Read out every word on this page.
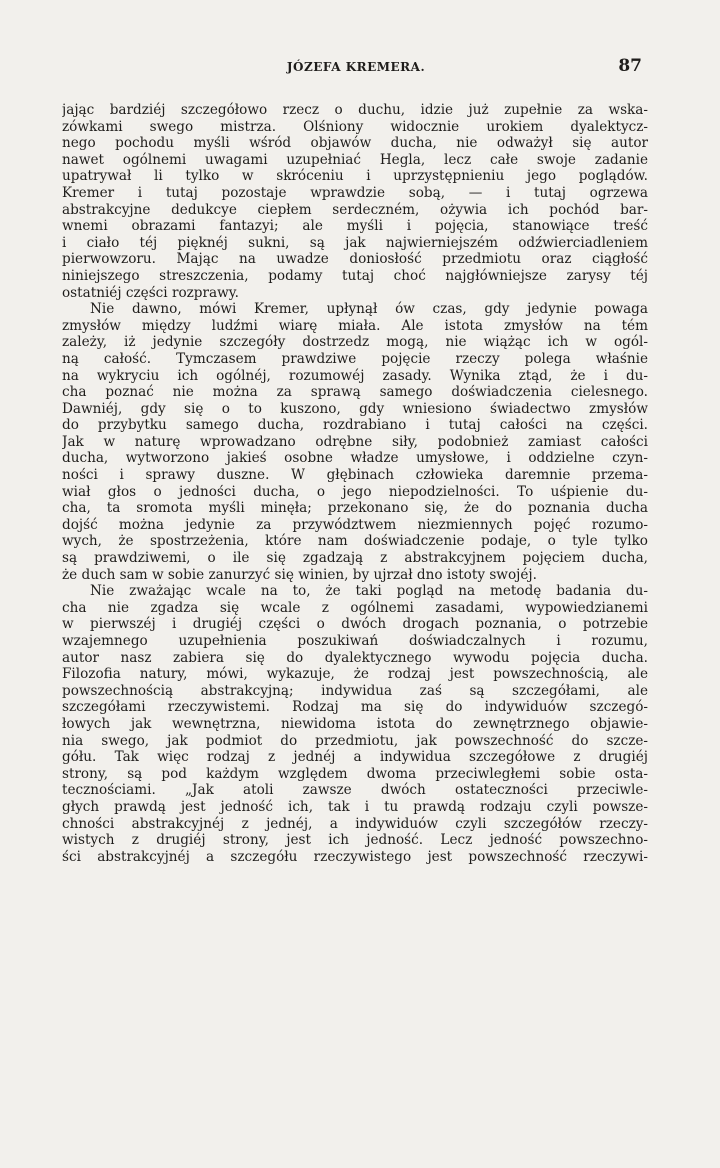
JÓZEFA KREMERA.	87
jając bardziéj szczegółowo rzecz o duchu, idzie już zupełnie za wska-
zówkami swego mistrza. Olśniony widocznie urokiem dyalektycz-
nego pochodu myśli wśród objawów ducha, nie odważył się autor
nawet ogólnemi uwagami uzupełniać Hegla, lecz całe swoje zadanie
upatrywał li tylko w skróceniu i uprzystępnieniu jego poglądów.
Kremer i tutaj pozostaje wprawdzie sobą, — i tutaj ogrzewa
abstrakcyjne dedukcye ciepłem serdeczném, ożywia ich pochód bar-
wnemi obrazami fantazyi; ale myśli i pojęcia, stanowiące treść
i ciało téj pięknéj sukni, są jak najwierniejszém odźwierciadleniem
pierwowzoru. Mając na uwadze doniosłość przedmiotu oraz ciągłość
niniejszego streszczenia, podamy tutaj choć najgłówniejsze zarysy téj
ostatniéj części rozprawy.
Nie dawno, mówi Kremer, upłynął ów czas, gdy jedynie powaga
zmysłów między ludźmi wiarę miała. Ale istota zmysłów na tém
zależy, iż jedynie szczegóły dostrzedz mogą, nie wiążąc ich w ogól-
ną całość. Tymczasem prawdziwe pojęcie rzeczy polega właśnie
na wykryciu ich ogólnéj, rozumowéj zasady. Wynika ztąd, że i du-
cha poznać nie można za sprawą samego doświadczenia cielesnego.
Dawniéj, gdy się o to kuszono, gdy wniesiono świadectwo zmysłów
do przybytku samego ducha, rozdrabiano i tutaj całości na części.
Jak w naturę wprowadzano odrębne siły, podobnież zamiast całości
ducha, wytworzono jakieś osobne władze umysłowe, i oddzielne czyn-
ności i sprawy duszne. W głębinach człowieka daremnie przema-
wiał głos o jedności ducha, o jego niepodzielności. To uśpienie du-
cha, ta sromota myśli minęła; przekonano się, że do poznania ducha
dojść można jedynie za przywództwem niezmiennych pojęć rozumo-
wych, że spostrzeżenia, które nam doświadczenie podaje, o tyle tylko
są prawdziwemi, o ile się zgadzają z abstrakcyjnem pojęciem ducha,
że duch sam w sobie zanurzyć się winien, by ujrzał dno istoty swojéj.
Nie zważając wcale na to, że taki pogląd na metodę badania du-
cha nie zgadza się wcale z ogólnemi zasadami, wypowiedzianemi
w pierwszéj i drugiéj części o dwóch drogach poznania, o potrzebie
wzajemnego uzupełnienia poszukiwań doświadczalnych i rozumu,
autor nasz zabiera się do dyalektycznego wywodu pojęcia ducha.
Filozofia natury, mówi, wykazuje, że rodzaj jest powszechnością, ale
powszechnością abstrakcyjną; indywidua zaś są szczegółami, ale
szczegółami rzeczywistemi. Rodzaj ma się do indywiduów szczegó-
łowych jak wewnętrzna, niewidoma istota do zewnętrznego objawie-
nia swego, jak podmiot do przedmiotu, jak powszechność do szcze-
gółu. Tak więc rodzaj z jednéj a indywidua szczegółowe z drugiéj
strony, są pod każdym względem dwoma przeciwległemi sobie osta-
tecznościami. „Jak atoli zawsze dwóch ostateczności przeciwle-
głych prawdą jest jedność ich, tak i tu prawdą rodzaju czyli powsze-
chności abstrakcyjnéj z jednéj, a indywiduów czyli szczegółów rzeczy-
wistych z drugiéj strony, jest ich jedność. Lecz jedność powszechno-
ści abstrakcyjnéj a szczegółu rzeczywistego jest powszechność rzeczywi-
